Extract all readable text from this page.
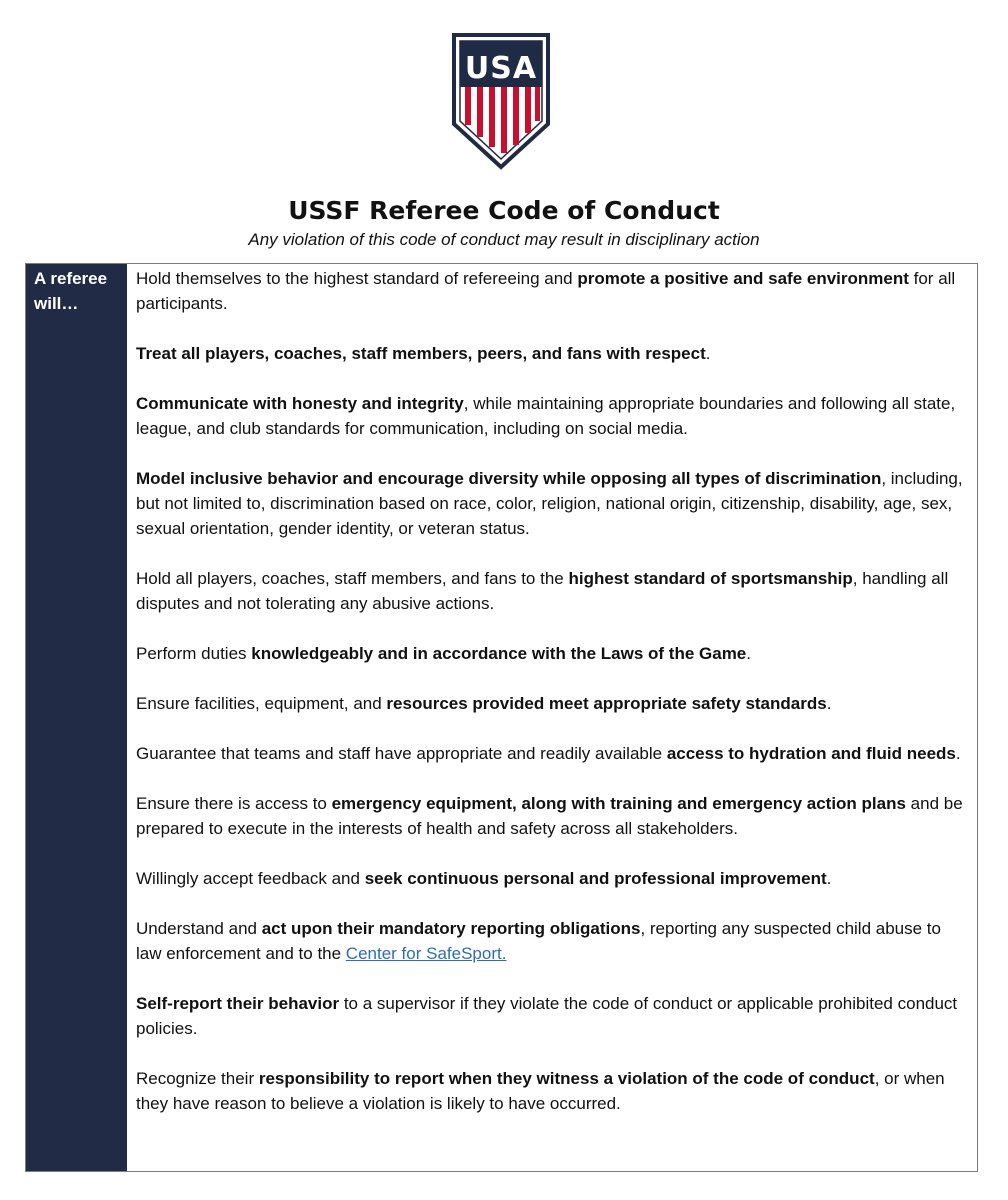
USA
USSF Referee Code of Conduct
Any violation of this code of conduct may result in disciplinary action
A referee will…

Hold themselves to the highest standard of refereeing and promote a positive and safe environment for all participants.

Treat all players, coaches, staff members, peers, and fans with respect.

Communicate with honesty and integrity, while maintaining appropriate boundaries and following all state, league, and club standards for communication, including on social media.

Model inclusive behavior and encourage diversity while opposing all types of discrimination, including, but not limited to, discrimination based on race, color, religion, national origin, citizenship, disability, age, sex, sexual orientation, gender identity, or veteran status.

Hold all players, coaches, staff members, and fans to the highest standard of sportsmanship, handling all disputes and not tolerating any abusive actions.

Perform duties knowledgeably and in accordance with the Laws of the Game.

Ensure facilities, equipment, and resources provided meet appropriate safety standards.

Guarantee that teams and staff have appropriate and readily available access to hydration and fluid needs.

Ensure there is access to emergency equipment, along with training and emergency action plans and be prepared to execute in the interests of health and safety across all stakeholders.

Willingly accept feedback and seek continuous personal and professional improvement.

Understand and act upon their mandatory reporting obligations, reporting any suspected child abuse to law enforcement and to the Center for SafeSport.

Self-report their behavior to a supervisor if they violate the code of conduct or applicable prohibited conduct policies.

Recognize their responsibility to report when they witness a violation of the code of conduct, or when they have reason to believe a violation is likely to have occurred.
